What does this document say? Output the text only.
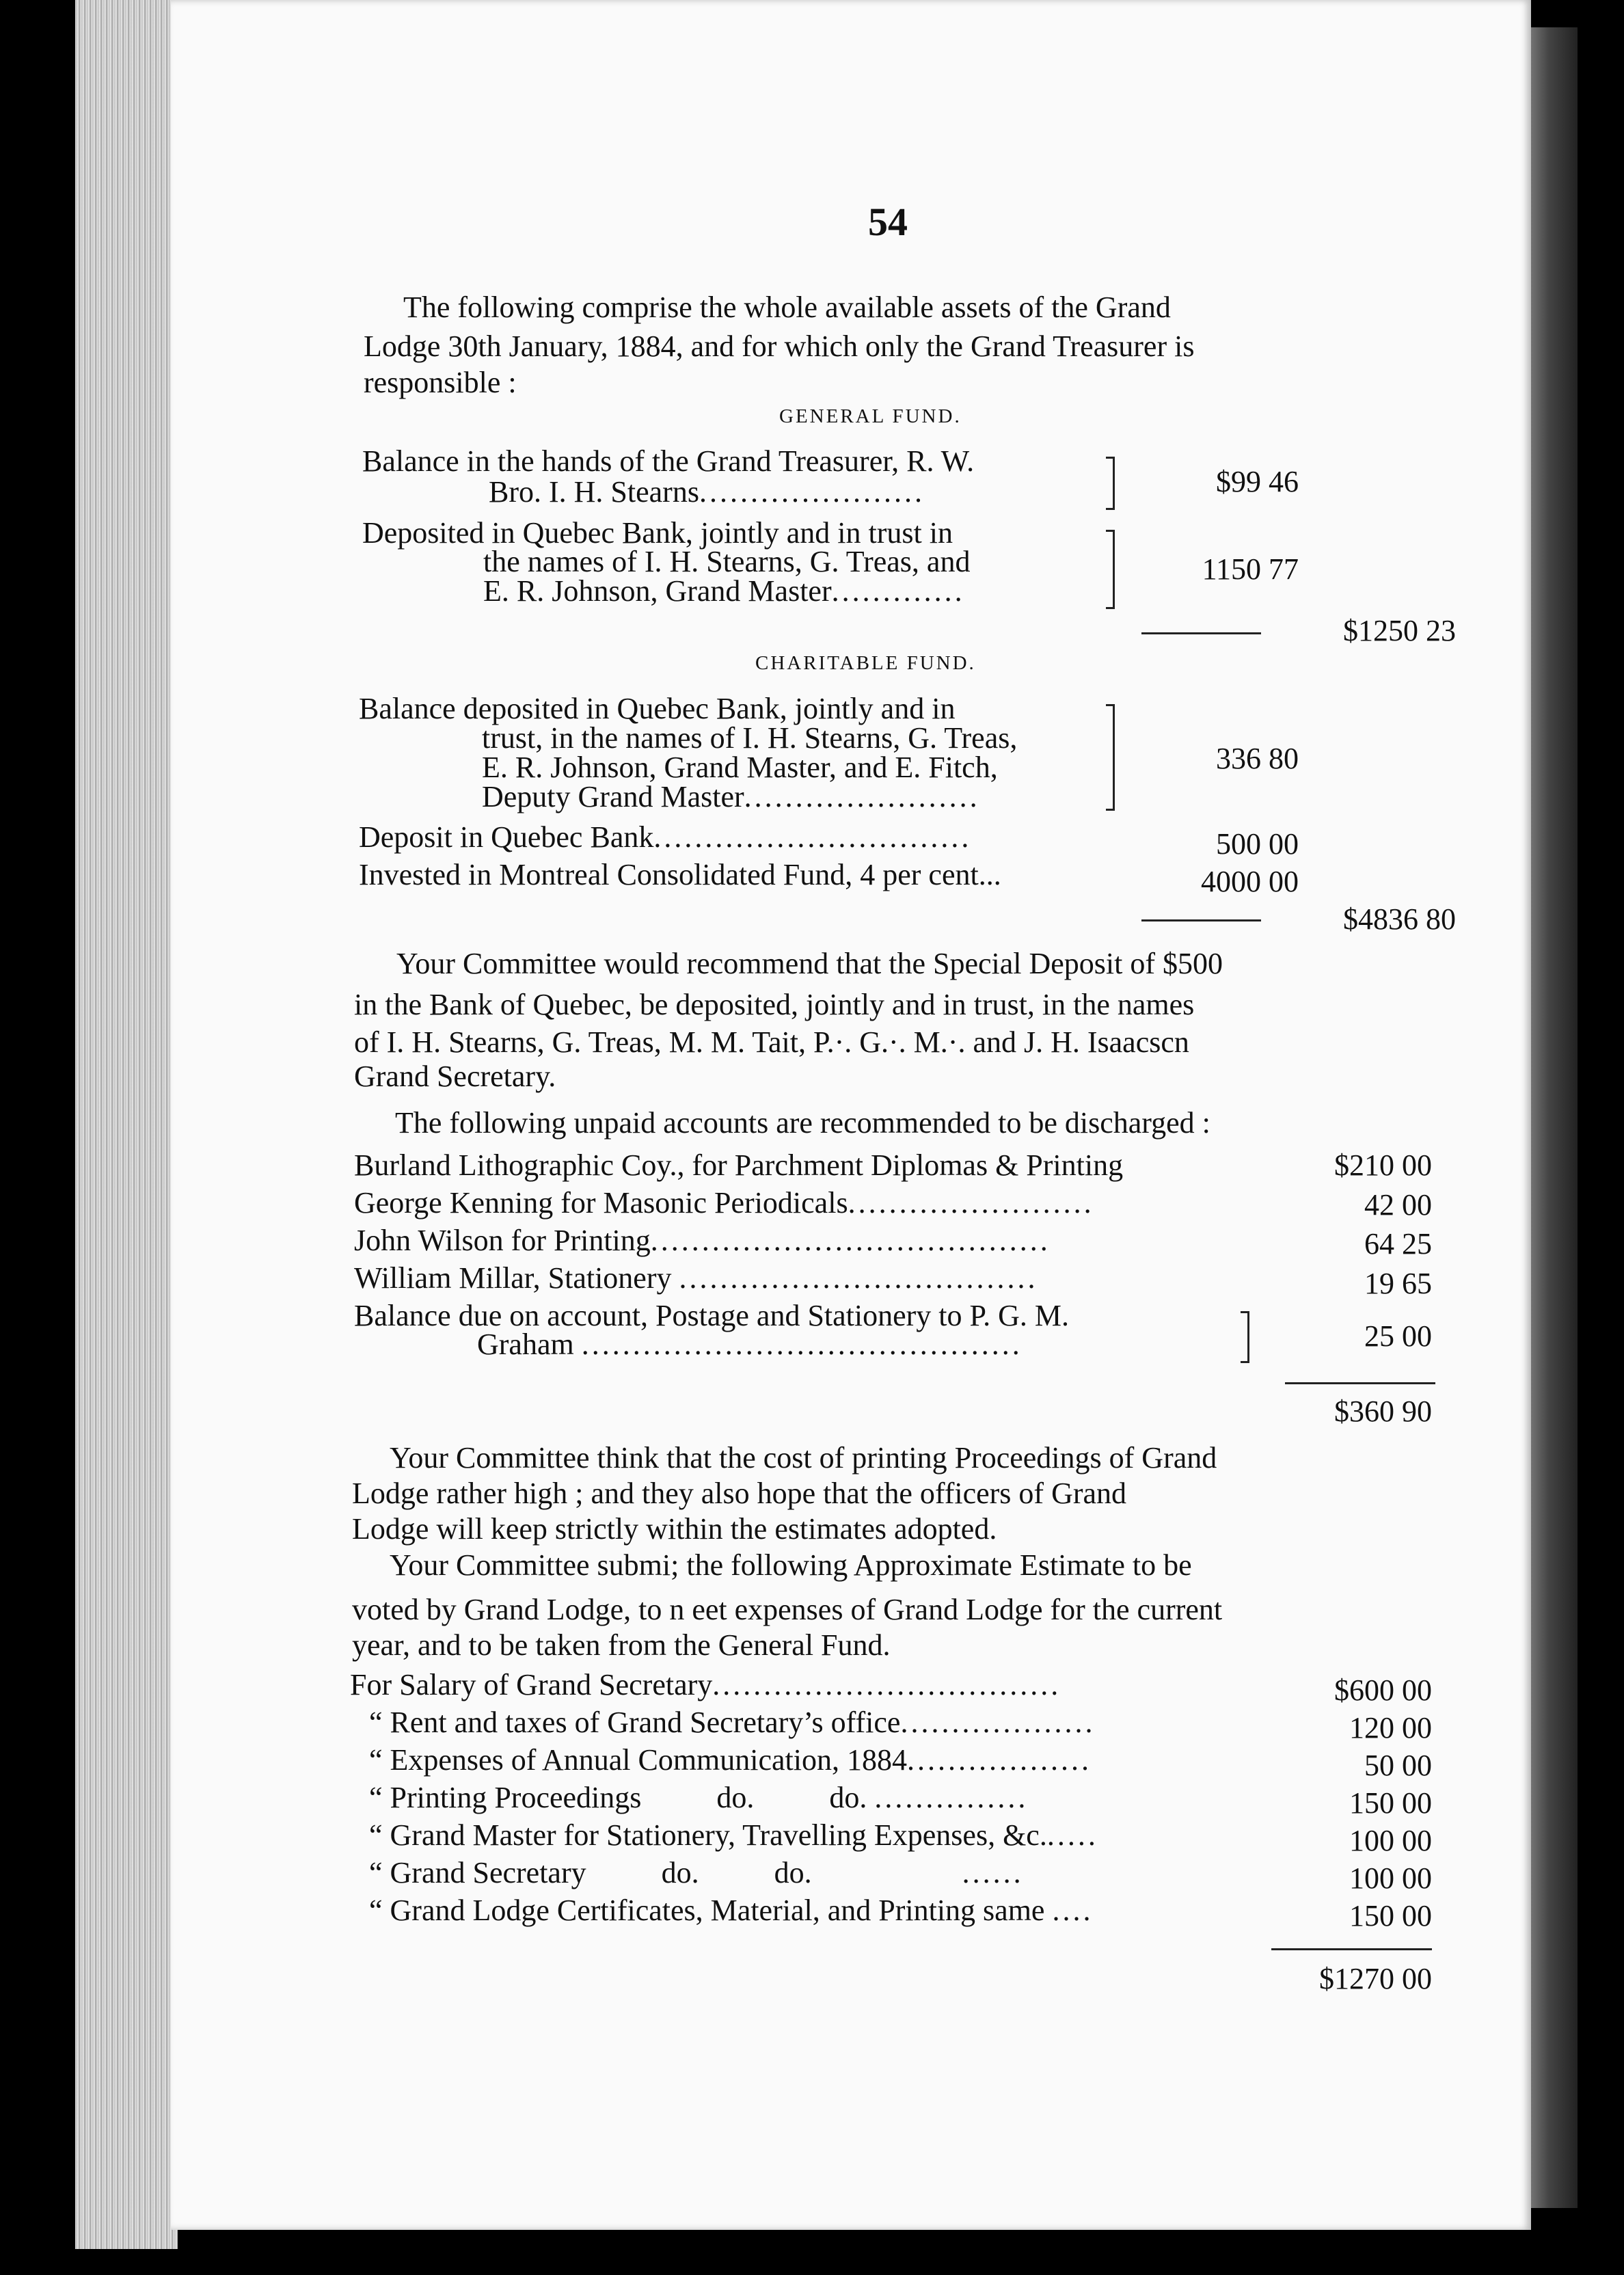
54
The following comprise the whole available assets of the Grand
Lodge 30th January, 1884, and for which only the Grand Treasurer is
responsible :
GENERAL FUND.
Balance in the hands of the Grand Treasurer, R. W.
Bro. I. H. Stearns......................	$99 46
Deposited in Quebec Bank, jointly and in trust in
the names of I. H. Stearns, G. Treas, and
E. R. Johnson, Grand Master.............
1150 77
$1250 23
CHARITABLE FUND.
Balance deposited in Quebec Bank, jointly and in
trust, in the names of I. H. Stearns, G. Treas,
E. R. Johnson, Grand Master, and E. Fitch,
Deputy Grand Master.......................
336 80
Deposit in Quebec Bank...............................	500 00
Invested in Montreal Consolidated Fund, 4 per cent...	4000 00
$4836 80
Your Committee would recommend that the Special Deposit of $500
in the Bank of Quebec, be deposited, jointly and in trust, in the names
of I. H. Stearns, G. Treas, M. M. Tait, P.·. G.·. M.·. and J. H. Isaacscn
Grand Secretary.
The following unpaid accounts are recommended to be discharged :
Burland Lithographic Coy., for Parchment Diplomas & Printing	$210 00
George Kenning for Masonic Periodicals........................	42 00
John Wilson for Printing.......................................	64 25
William Millar, Stationery ...................................	19 65
Balance due on account, Postage and Stationery to P. G. M.
Graham ...........................................	25 00
$360 90
Your Committee think that the cost of printing Proceedings of Grand
Lodge rather high ; and they also hope that the officers of Grand
Lodge will keep strictly within the estimates adopted.
Your Committee submi; the following Approximate Estimate to be
voted by Grand Lodge, to n eet expenses of Grand Lodge for the current
year, and to be taken from the General Fund.
For Salary of Grand Secretary..................................	$600 00
“ Rent and taxes of Grand Secretary’s office...................	120 00
“ Expenses of Annual Communication, 1884..................	50 00
“ Printing Proceedings          do.          do. ...............	150 00
“ Grand Master for Stationery, Travelling Expenses, &c......	100 00
“ Grand Secretary          do.          do.	......	100 00
“ Grand Lodge Certificates, Material, and Printing same ....	150 00
$1270 00
